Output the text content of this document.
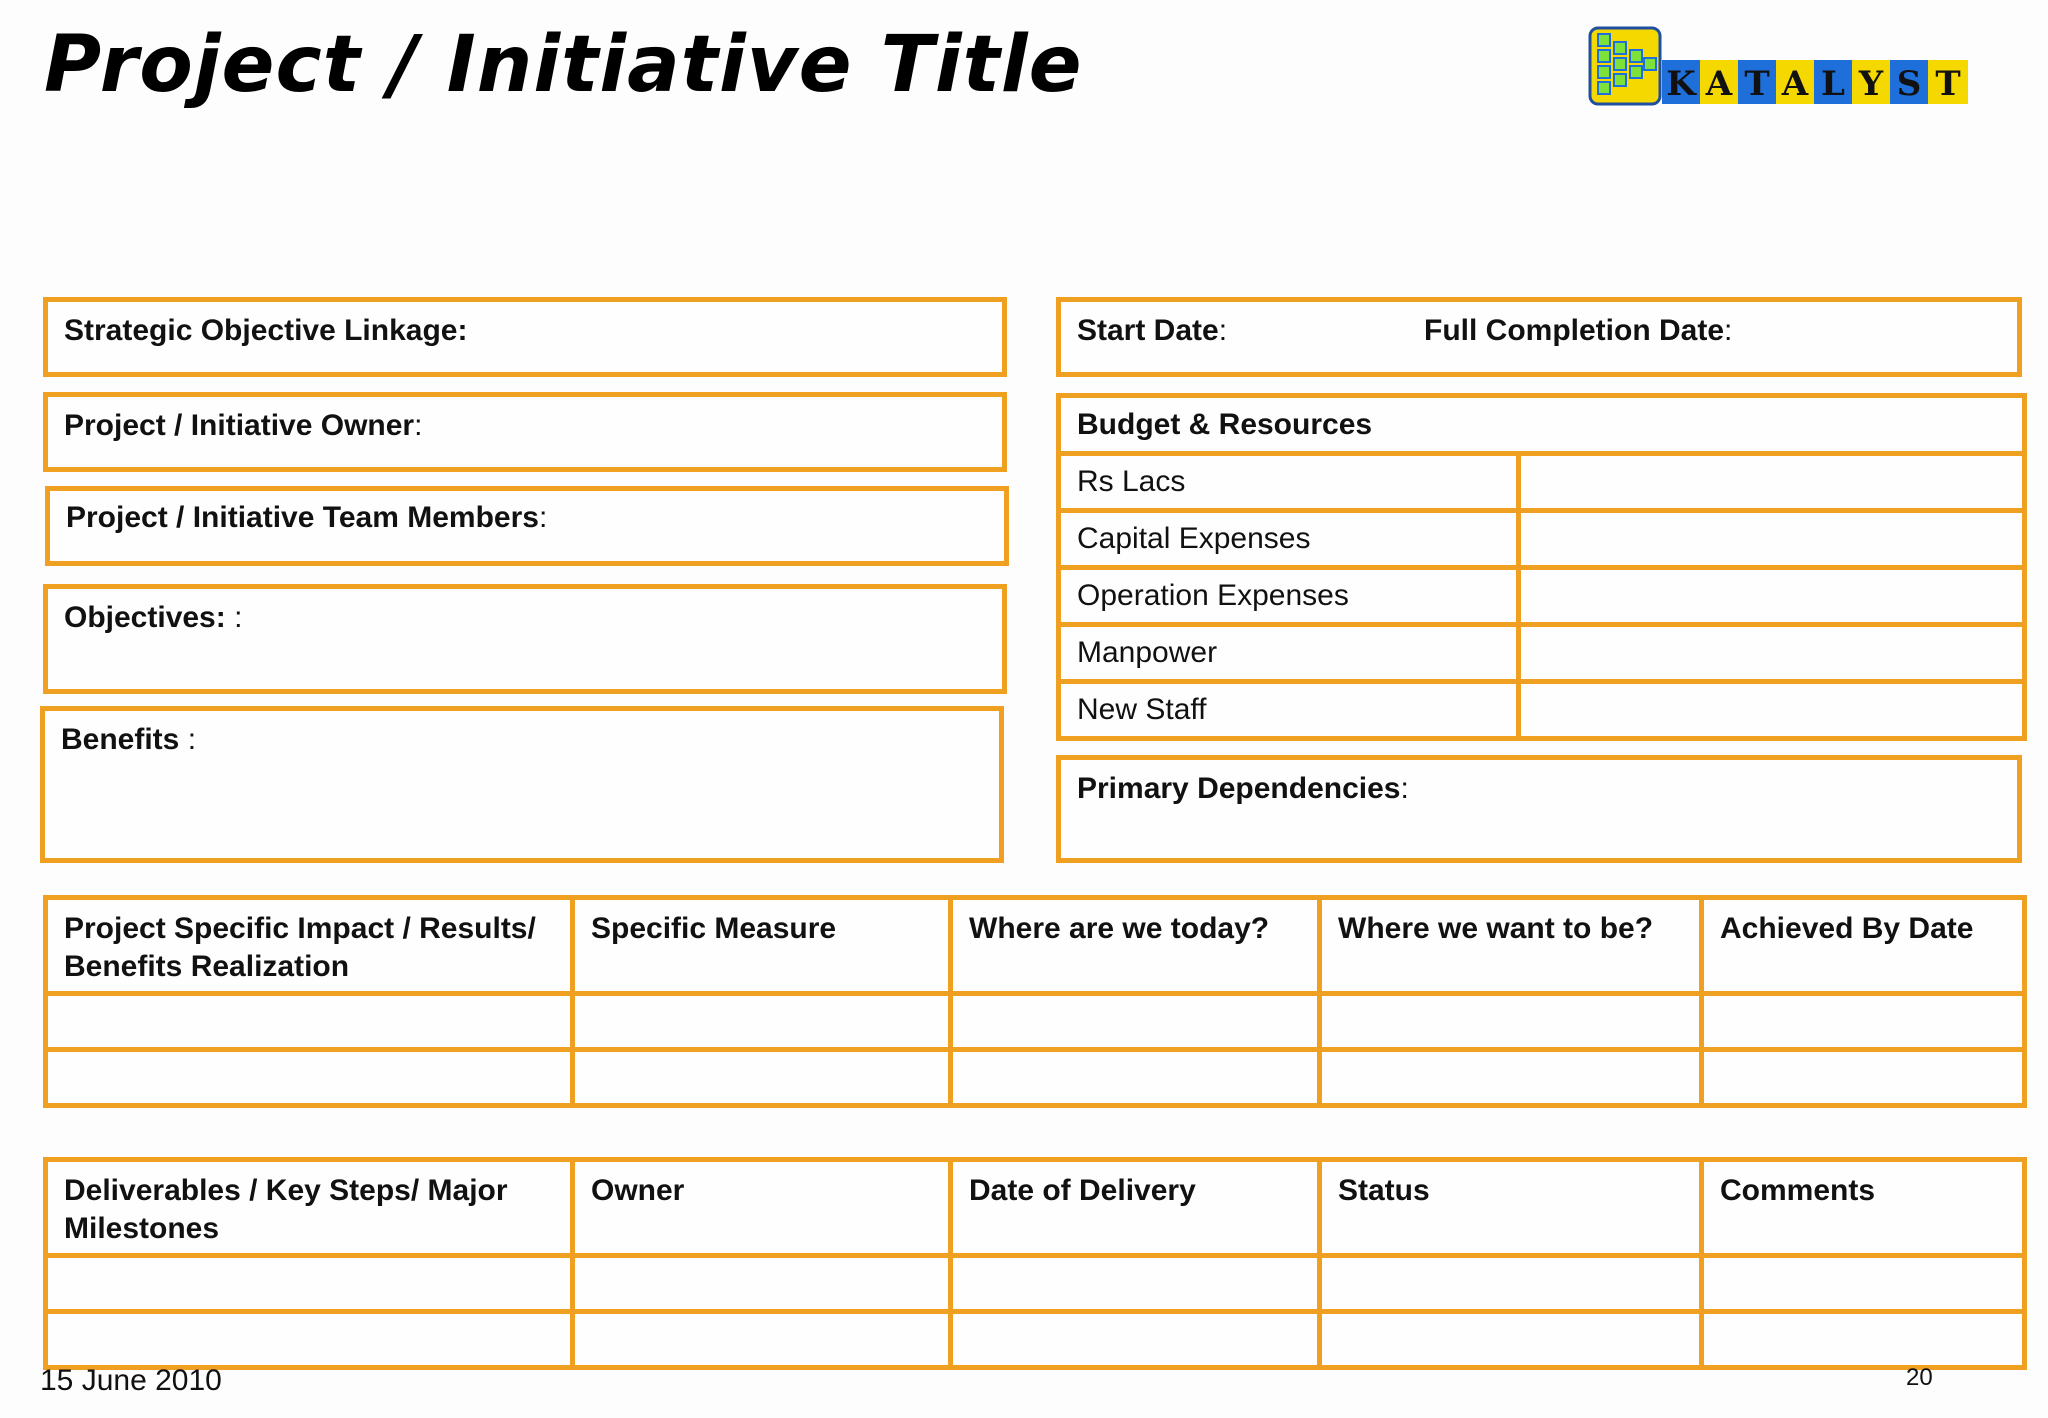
Project / Initiative Title	K A T A L Y S T
Strategic Objective Linkage:
Project / Initiative Owner:
Project / Initiative Team Members:
Objectives: :
Benefits :
Start Date:	Full Completion Date:
Budget & Resources	
Rs Lacs	
Capital Expenses	
Operation Expenses	
Manpower	
New Staff	
Primary Dependencies:
Project Specific Impact / Results/ Benefits Realization	Specific Measure	Where are we today?	Where we want to be?	Achieved By Date

Deliverables / Key Steps/ Major Milestones	Owner	Date of Delivery	Status	Comments

15 June 2010	20
